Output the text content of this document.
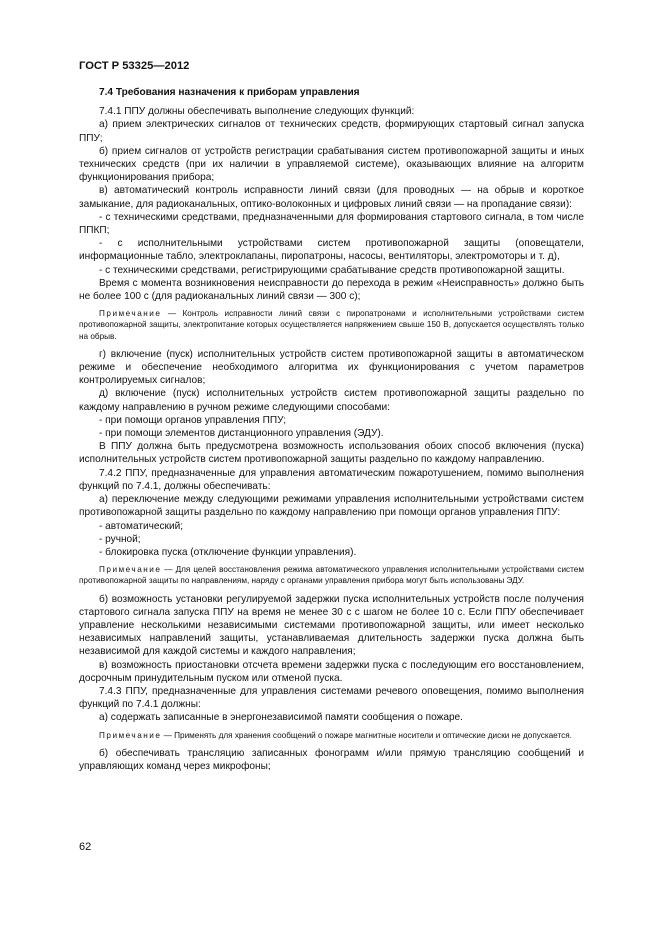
ГОСТ Р 53325—2012

7.4 Требования назначения к приборам управления

7.4.1 ППУ должны обеспечивать выполнение следующих функций:

а) прием электрических сигналов от технических средств, формирующих стартовый сигнал запуска ППУ;

б) прием сигналов от устройств регистрации срабатывания систем противопожарной защиты и иных технических средств (при их наличии в управляемой системе), оказывающих влияние на алгоритм функционирования прибора;

в) автоматический контроль исправности линий связи (для проводных — на обрыв и короткое замыкание, для радиоканальных, оптико-волоконных и цифровых линий связи — на пропадание связи):

- с техническими средствами, предназначенными для формирования стартового сигнала, в том числе ППКП;

- с исполнительными устройствами систем противопожарной защиты (оповещатели, информационные табло, электроклапаны, пиропатроны, насосы, вентиляторы, электромоторы и т. д),

- с техническими средствами, регистрирующими срабатывание средств противопожарной защиты.

Время с момента возникновения неисправности до перехода в режим «Неисправность» должно быть не более 100 с (для радиоканальных линий связи — 300 с);

Примечание — Контроль исправности линий связи с пиропатронами и исполнительными устройствами систем противопожарной защиты, электропитание которых осуществляется напряжением свыше 150 В, допускается осуществлять только на обрыв.

г) включение (пуск) исполнительных устройств систем противопожарной защиты в автоматическом режиме и обеспечение необходимого алгоритма их функционирования с учетом параметров контролируемых сигналов;

д) включение (пуск) исполнительных устройств систем противопожарной защиты раздельно по каждому направлению в ручном режиме следующими способами:

- при помощи органов управления ППУ;

- при помощи элементов дистанционного управления (ЭДУ).

В ППУ должна быть предусмотрена возможность использования обоих способ включения (пуска) исполнительных устройств систем противопожарной защиты раздельно по каждому направлению.

7.4.2 ППУ, предназначенные для управления автоматическим пожаротушением, помимо выполнения функций по 7.4.1, должны обеспечивать:

а) переключение между следующими режимами управления исполнительными устройствами систем противопожарной защиты раздельно по каждому направлению при помощи органов управления ППУ:

- автоматический;

- ручной;

- блокировка пуска (отключение функции управления).

Примечание — Для целей восстановления режима автоматического управления исполнительными устройствами систем противопожарной защиты по направлениям, наряду с органами управления прибора могут быть использованы ЭДУ.

б) возможность установки регулируемой задержки пуска исполнительных устройств после получения стартового сигнала запуска ППУ на время не менее 30 с с шагом не более 10 с. Если ППУ обеспечивает управление несколькими независимыми системами противопожарной защиты, или имеет несколько независимых направлений защиты, устанавливаемая длительность задержки пуска должна быть независимой для каждой системы и каждого направления;

в) возможность приостановки отсчета времени задержки пуска с последующим его восстановлением, досрочным принудительным пуском или отменой пуска.

7.4.3 ППУ, предназначенные для управления системами речевого оповещения, помимо выполнения функций по 7.4.1 должны:

а) содержать записанные в энергонезависимой памяти сообщения о пожаре.

Примечание — Применять для хранения сообщений о пожаре магнитные носители и оптические диски не допускается.

б) обеспечивать трансляцию записанных фонограмм и/или прямую трансляцию сообщений и управляющих команд через микрофоны;

62
